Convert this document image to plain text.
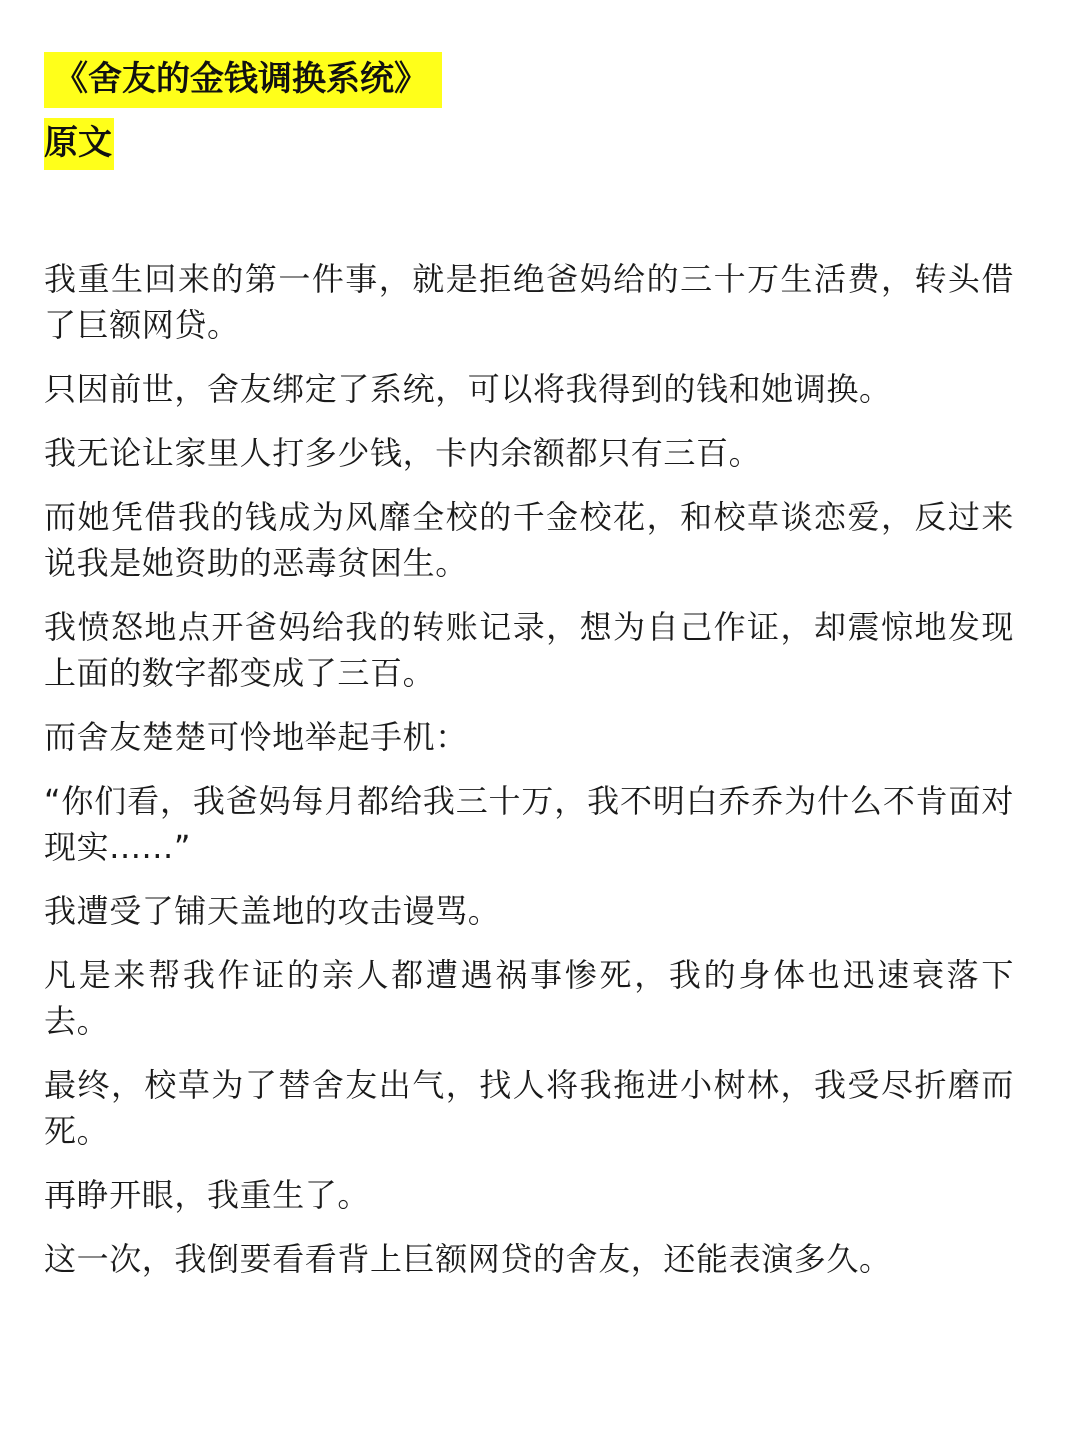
《舍友的金钱调换系统》
原文

我重生回来的第一件事，就是拒绝爸妈给的三十万生活费，转头借了巨额网贷。

只因前世，舍友绑定了系统，可以将我得到的钱和她调换。

我无论让家里人打多少钱，卡内余额都只有三百。

而她凭借我的钱成为风靡全校的千金校花，和校草谈恋爱，反过来说我是她资助的恶毒贫困生。

我愤怒地点开爸妈给我的转账记录，想为自己作证，却震惊地发现上面的数字都变成了三百。

而舍友楚楚可怜地举起手机：

“你们看，我爸妈每月都给我三十万，我不明白乔乔为什么不肯面对现实......”

我遭受了铺天盖地的攻击谩骂。

凡是来帮我作证的亲人都遭遇祸事惨死，我的身体也迅速衰落下去。

最终，校草为了替舍友出气，找人将我拖进小树林，我受尽折磨而死。

再睁开眼，我重生了。

这一次，我倒要看看背上巨额网贷的舍友，还能表演多久。
